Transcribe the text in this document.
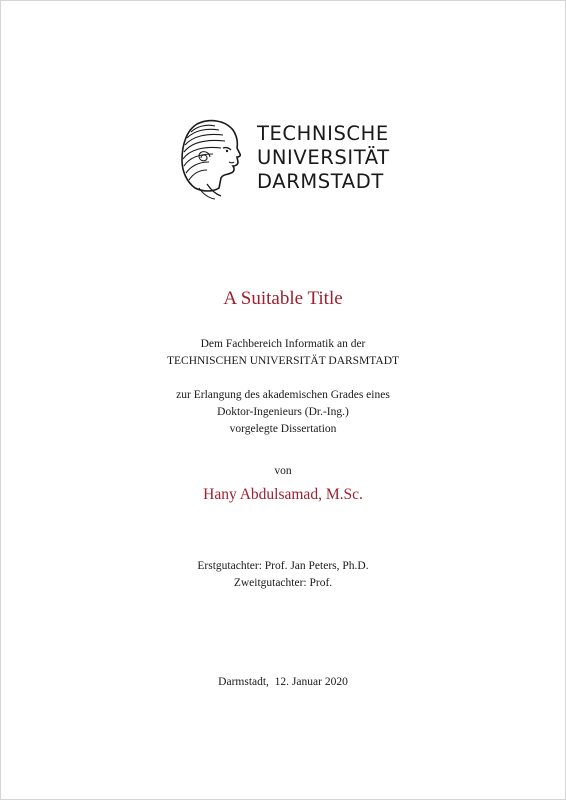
TECHNISCHE
UNIVERSITÄT
DARMSTADT
A Suitable Title
Dem Fachbereich Informatik an der
TECHNISCHEN UNIVERSITÄT DARSMTADT
zur Erlangung des akademischen Grades eines
Doktor-Ingenieurs (Dr.-Ing.)
vorgelegte Dissertation
von
Hany Abdulsamad, M.Sc.
Erstgutachter: Prof. Jan Peters, Ph.D.
Zweitgutachter: Prof.
Darmstadt,  12. Januar 2020
